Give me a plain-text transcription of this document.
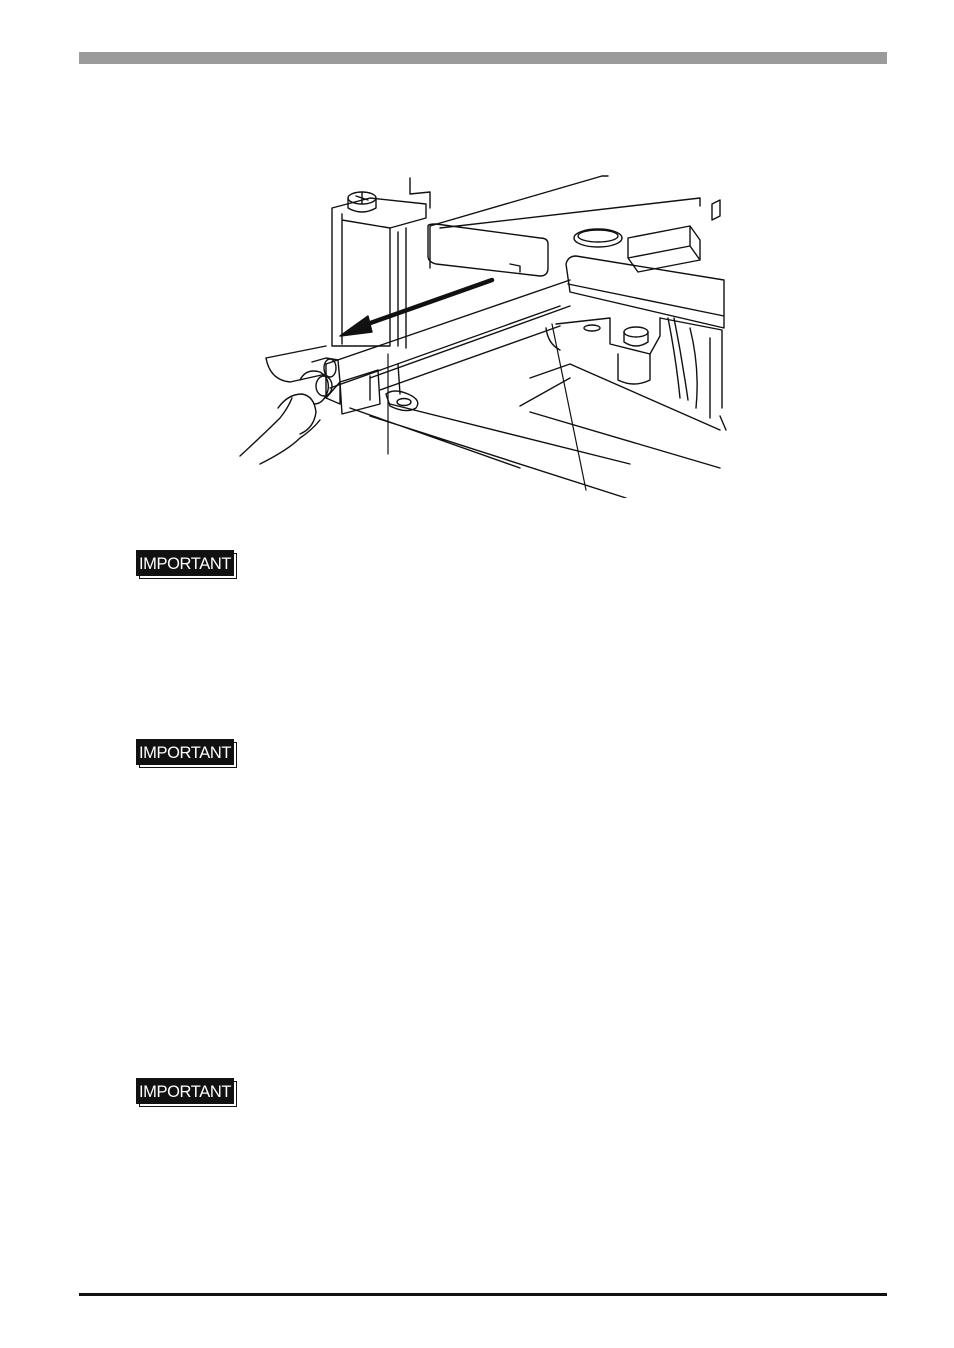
IMPORTANT
IMPORTANT
IMPORTANT
